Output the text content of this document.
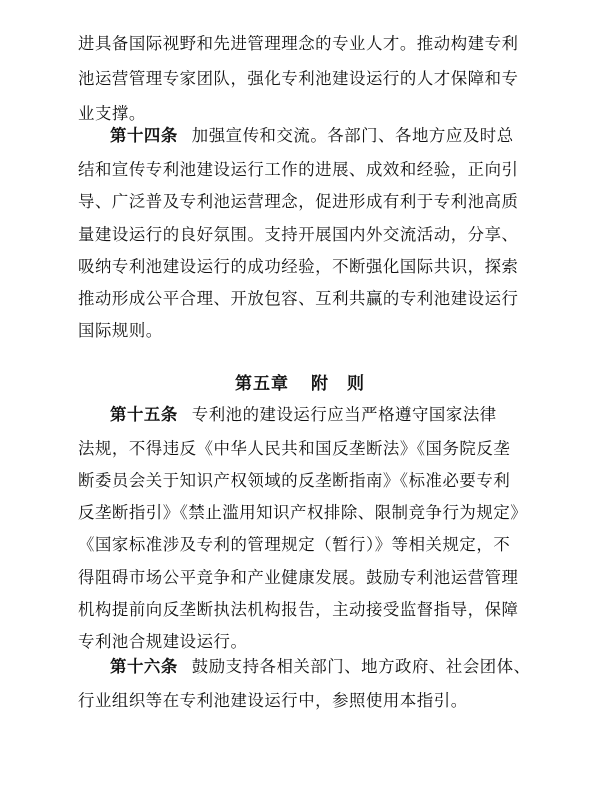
进具备国际视野和先进管理理念的专业人才。推动构建专利
池运营管理专家团队，强化专利池建设运行的人才保障和专
业支撑。
第十四条 加强宣传和交流。各部门、各地方应及时总
结和宣传专利池建设运行工作的进展、成效和经验，正向引
导、广泛普及专利池运营理念，促进形成有利于专利池高质
量建设运行的良好氛围。支持开展国内外交流活动，分享、
吸纳专利池建设运行的成功经验，不断强化国际共识，探索
推动形成公平合理、开放包容、互利共赢的专利池建设运行
国际规则。
第五章 附　则
第十五条 专利池的建设运行应当严格遵守国家法律
法规，不得违反《中华人民共和国反垄断法》《国务院反垄
断委员会关于知识产权领域的反垄断指南》《标准必要专利
反垄断指引》《禁止滥用知识产权排除、限制竞争行为规定》
《国家标准涉及专利的管理规定（暂行）》等相关规定，不
得阻碍市场公平竞争和产业健康发展。鼓励专利池运营管理
机构提前向反垄断执法机构报告，主动接受监督指导，保障
专利池合规建设运行。
第十六条 鼓励支持各相关部门、地方政府、社会团体、
行业组织等在专利池建设运行中，参照使用本指引。
